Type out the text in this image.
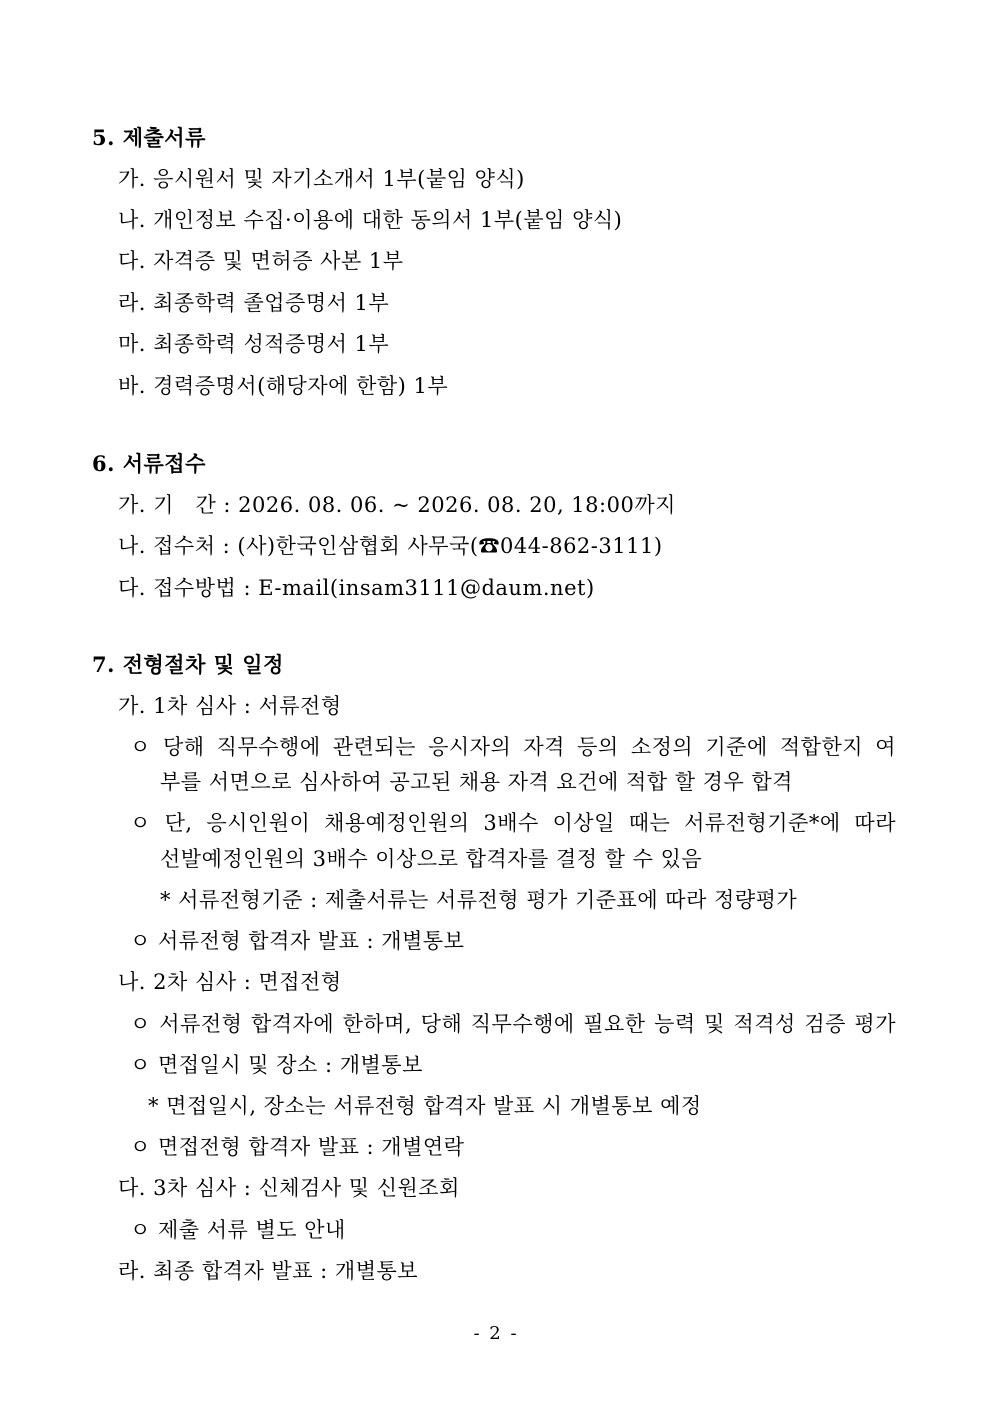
5. 제출서류
가. 응시원서 및 자기소개서 1부(붙임 양식)
나. 개인정보 수집·이용에 대한 동의서 1부(붙임 양식)
다. 자격증 및 면허증 사본 1부
라. 최종학력 졸업증명서 1부
마. 최종학력 성적증명서 1부
바. 경력증명서(해당자에 한함) 1부
6. 서류접수
가. 기   간 : 2026. 08. 06. ~ 2026. 08. 20, 18:00까지
나. 접수처 : (사)한국인삼협회 사무국(☎044-862-3111)
다. 접수방법 : E-mail(insam3111@daum.net)
7. 전형절차 및 일정
가. 1차 심사 : 서류전형
ㅇ 당해 직무수행에 관련되는 응시자의 자격 등의 소정의 기준에 적합한지 여
부를 서면으로 심사하여 공고된 채용 자격 요건에 적합 할 경우 합격
ㅇ 단, 응시인원이 채용예정인원의 3배수 이상일 때는 서류전형기준*에 따라
선발예정인원의 3배수 이상으로 합격자를 결정 할 수 있음
* 서류전형기준 : 제출서류는 서류전형 평가 기준표에 따라 정량평가
ㅇ 서류전형 합격자 발표 : 개별통보
나. 2차 심사 : 면접전형
ㅇ 서류전형 합격자에 한하며, 당해 직무수행에 필요한 능력 및 적격성 검증 평가
ㅇ 면접일시 및 장소 : 개별통보
* 면접일시, 장소는 서류전형 합격자 발표 시 개별통보 예정
ㅇ 면접전형 합격자 발표 : 개별연락
다. 3차 심사 : 신체검사 및 신원조회
ㅇ 제출 서류 별도 안내
라. 최종 합격자 발표 : 개별통보
- 2 -
